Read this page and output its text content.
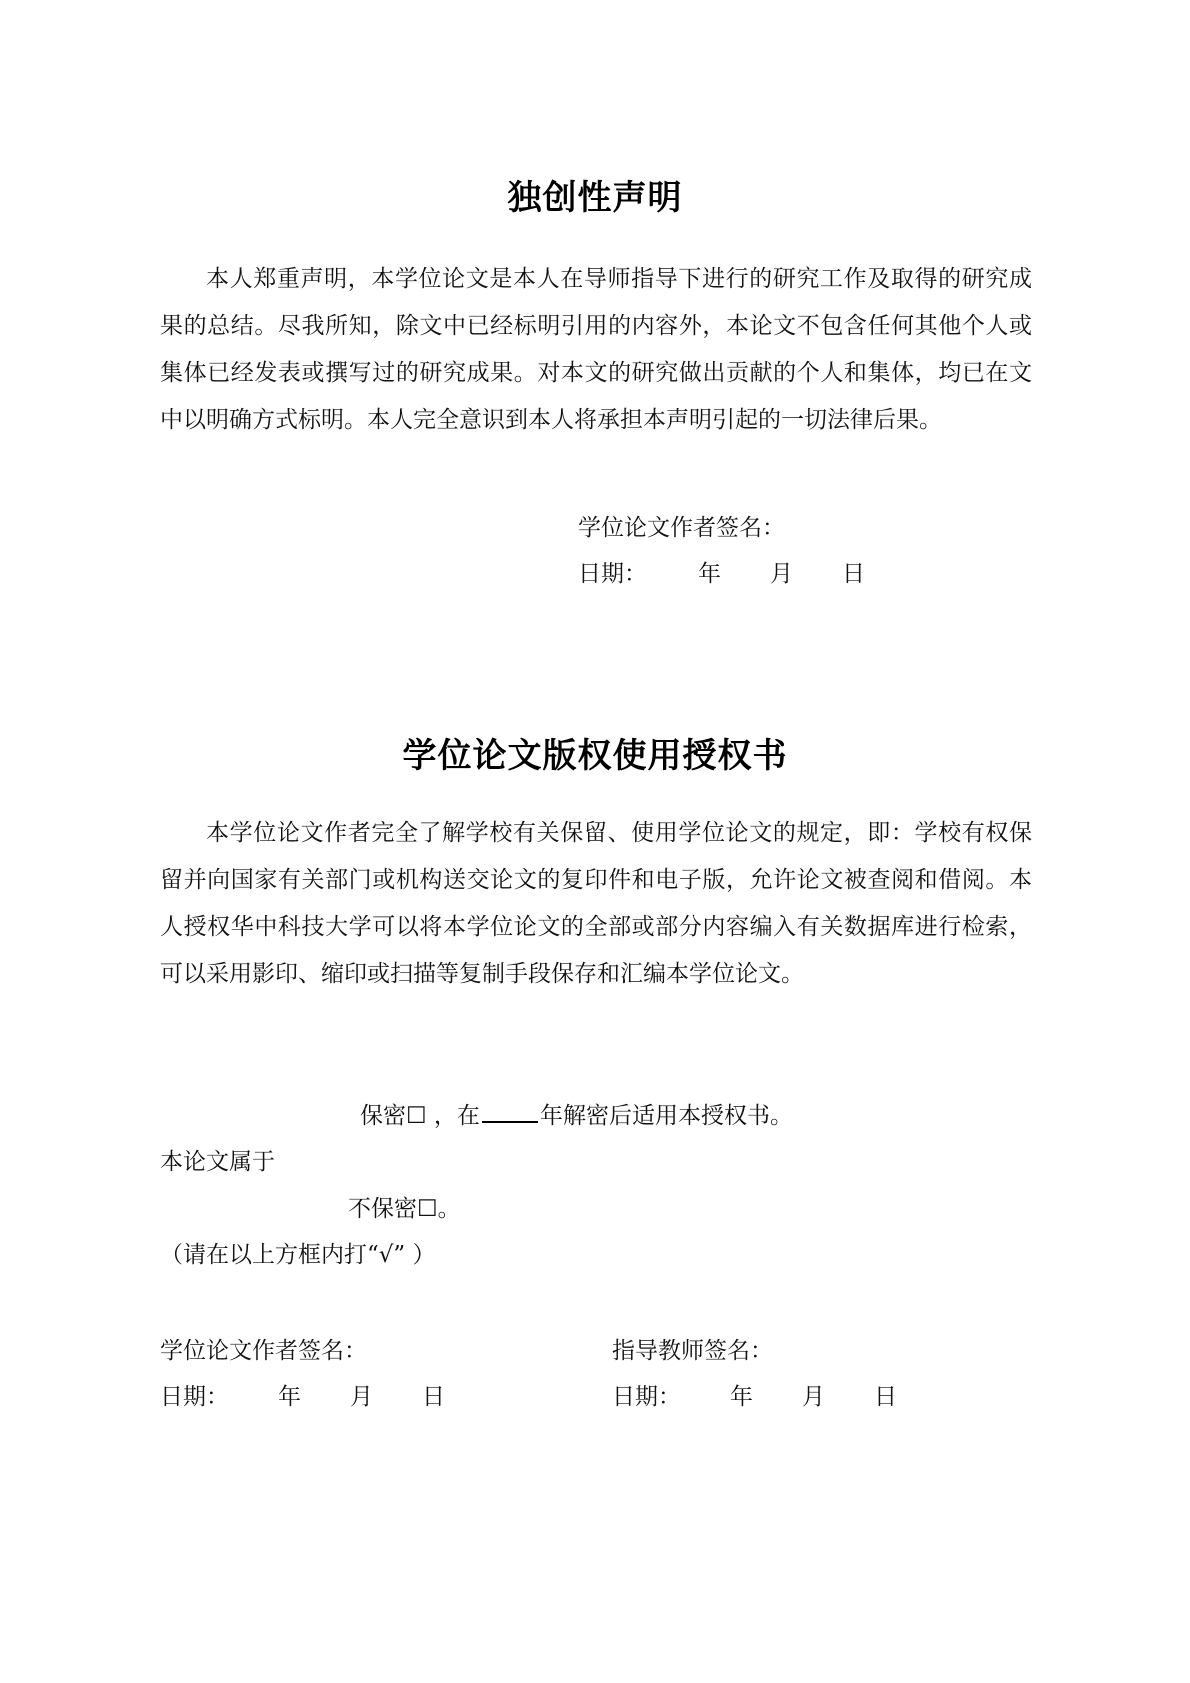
独创性声明

本人郑重声明，本学位论文是本人在导师指导下进行的研究工作及取得的研究成果的总结。尽我所知，除文中已经标明引用的内容外，本论文不包含任何其他个人或集体已经发表或撰写过的研究成果。对本文的研究做出贡献的个人和集体，均已在文中以明确方式标明。本人完全意识到本人将承担本声明引起的一切法律后果。

学位论文作者签名：
日期： 年 月 日
学位论文版权使用授权书

本学位论文作者完全了解学校有关保留、使用学位论文的规定，即：学校有权保留并向国家有关部门或机构送交论文的复印件和电子版，允许论文被查阅和借阅。本人授权华中科技大学可以将本学位论文的全部或部分内容编入有关数据库进行检索，可以采用影印、缩印或扫描等复制手段保存和汇编本学位论文。

保密☐ ，在	年解密后适用本授权书。
本论文属于
不保密☐。
（请在以上方框内打“√” ）
学位论文作者签名：	指导教师签名：
日期： 年 月 日	日期： 年 月 日
